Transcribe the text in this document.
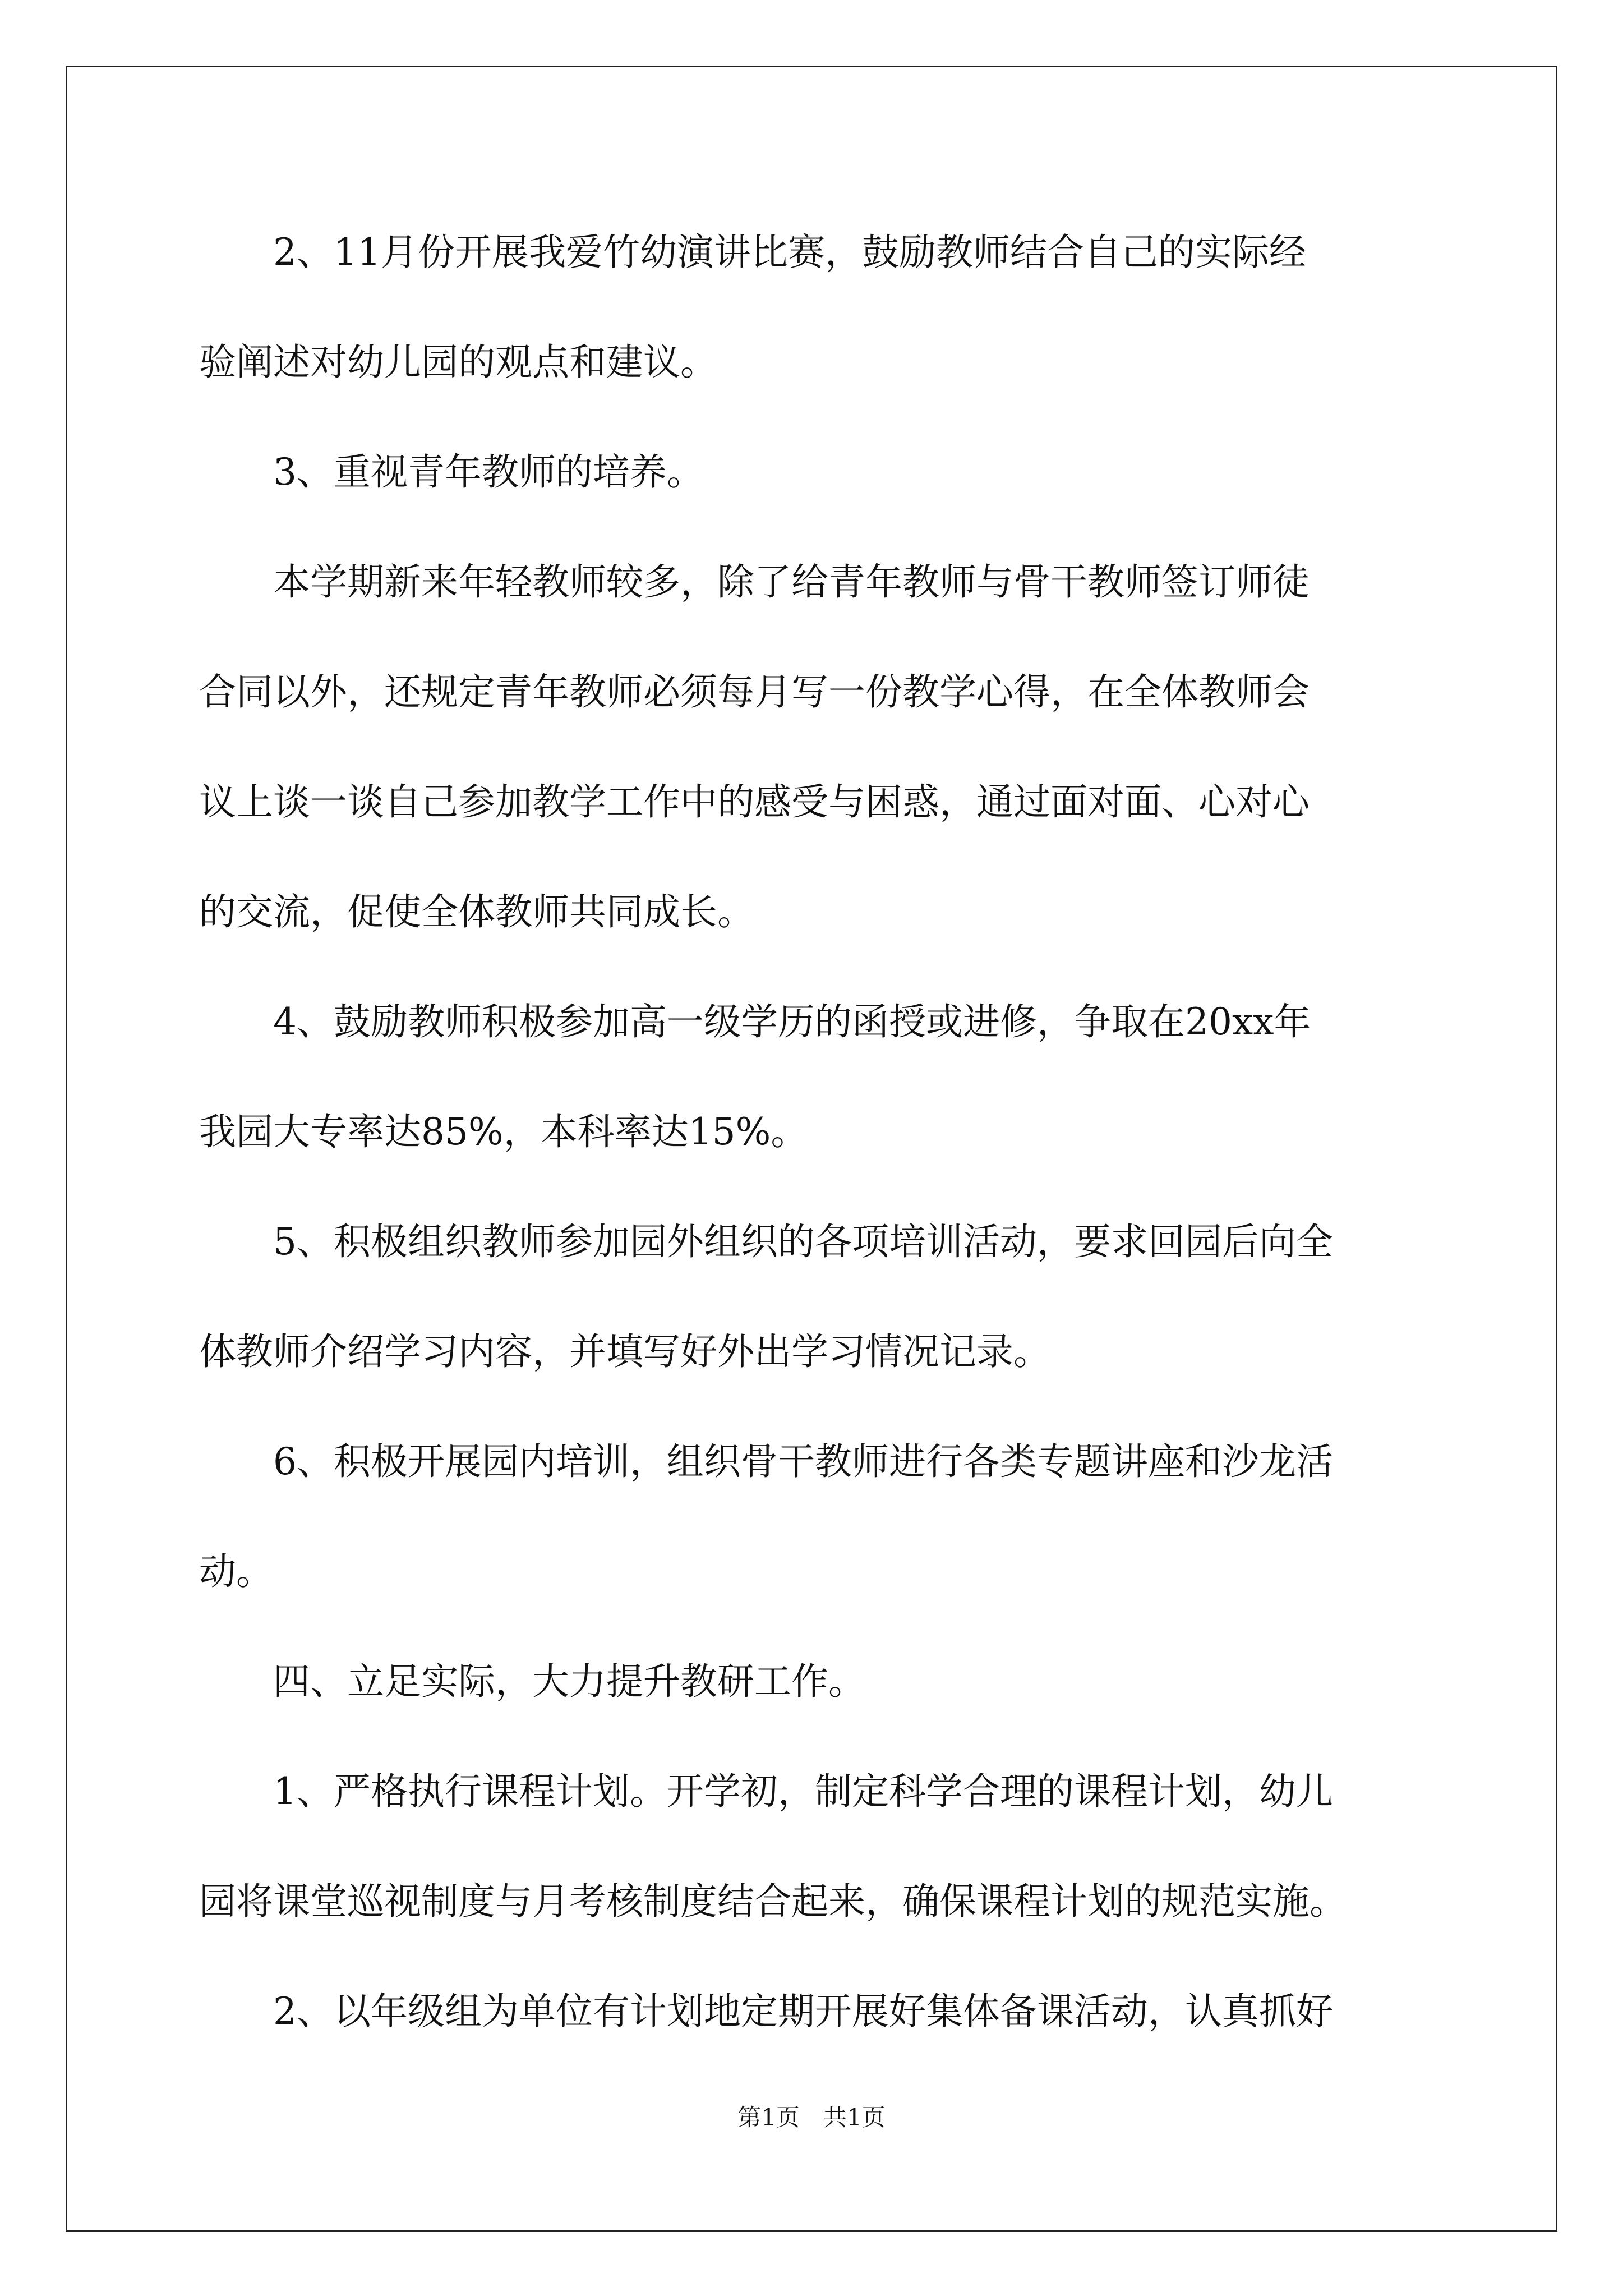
　　2、11月份开展我爱竹幼演讲比赛，鼓励教师结合自己的实际经
验阐述对幼儿园的观点和建议。
　　3、重视青年教师的培养。
　　本学期新来年轻教师较多，除了给青年教师与骨干教师签订师徒
合同以外，还规定青年教师必须每月写一份教学心得，在全体教师会
议上谈一谈自己参加教学工作中的感受与困惑，通过面对面、心对心
的交流，促使全体教师共同成长。
　　4、鼓励教师积极参加高一级学历的函授或进修，争取在20xx年
我园大专率达85%，本科率达15%。
　　5、积极组织教师参加园外组织的各项培训活动，要求回园后向全
体教师介绍学习内容，并填写好外出学习情况记录。
　　6、积极开展园内培训，组织骨干教师进行各类专题讲座和沙龙活
动。
　　四、立足实际，大力提升教研工作。
　　1、严格执行课程计划。开学初，制定科学合理的课程计划，幼儿
园将课堂巡视制度与月考核制度结合起来，确保课程计划的规范实施。
　　2、以年级组为单位有计划地定期开展好集体备课活动，认真抓好
第1页　共1页
